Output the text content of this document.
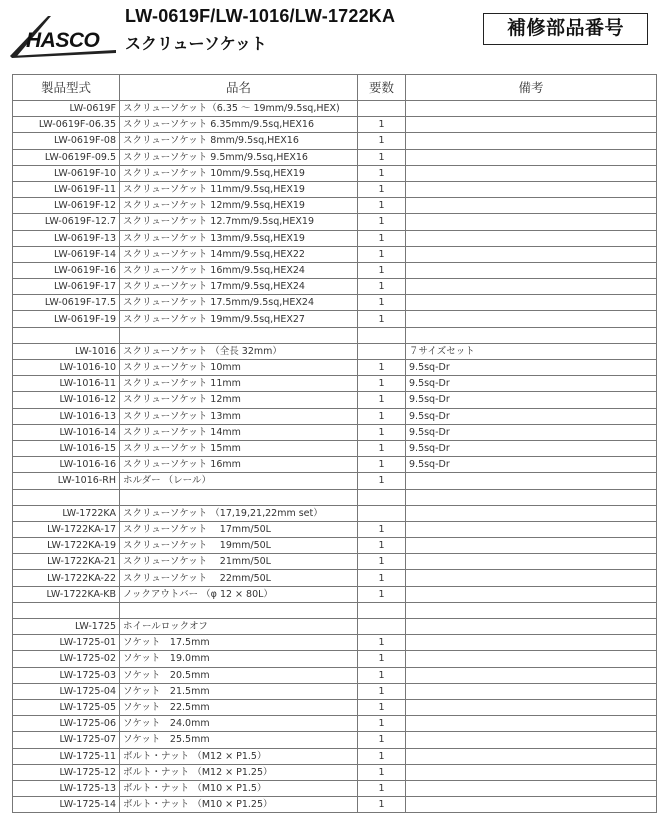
HASCO
LW-0619F/LW-1016/LW-1722KA
スクリューソケット
補修部品番号
製品型式	品名	要数	備考
LW-0619F	スクリューソケット（6.35 ～ 19mm/9.5sq,HEX)		
LW-0619F-06.35	スクリューソケット 6.35mm/9.5sq,HEX16	1	
LW-0619F-08	スクリューソケット 8mm/9.5sq,HEX16	1	
LW-0619F-09.5	スクリューソケット 9.5mm/9.5sq,HEX16	1	
LW-0619F-10	スクリューソケット 10mm/9.5sq,HEX19	1	
LW-0619F-11	スクリューソケット 11mm/9.5sq,HEX19	1	
LW-0619F-12	スクリューソケット 12mm/9.5sq,HEX19	1	
LW-0619F-12.7	スクリューソケット 12.7mm/9.5sq,HEX19	1	
LW-0619F-13	スクリューソケット 13mm/9.5sq,HEX19	1	
LW-0619F-14	スクリューソケット 14mm/9.5sq,HEX22	1	
LW-0619F-16	スクリューソケット 16mm/9.5sq,HEX24	1	
LW-0619F-17	スクリューソケット 17mm/9.5sq,HEX24	1	
LW-0619F-17.5	スクリューソケット 17.5mm/9.5sq,HEX24	1	
LW-0619F-19	スクリューソケット 19mm/9.5sq,HEX27	1	

LW-1016	スクリューソケット （全長 32mm）		７サイズセット
LW-1016-10	スクリューソケット 10mm	1	9.5sq-Dr
LW-1016-11	スクリューソケット 11mm	1	9.5sq-Dr
LW-1016-12	スクリューソケット 12mm	1	9.5sq-Dr
LW-1016-13	スクリューソケット 13mm	1	9.5sq-Dr
LW-1016-14	スクリューソケット 14mm	1	9.5sq-Dr
LW-1016-15	スクリューソケット 15mm	1	9.5sq-Dr
LW-1016-16	スクリューソケット 16mm	1	9.5sq-Dr
LW-1016-RH	ホルダー （レール）	1	

LW-1722KA	スクリューソケット （17,19,21,22mm set）		
LW-1722KA-17	スクリューソケット　 17mm/50L	1	
LW-1722KA-19	スクリューソケット　 19mm/50L	1	
LW-1722KA-21	スクリューソケット　 21mm/50L	1	
LW-1722KA-22	スクリューソケット　 22mm/50L	1	
LW-1722KA-KB	ノックアウトバー （φ 12 × 80L）	1	

LW-1725	ホイールロックオフ		
LW-1725-01	ソケット　17.5mm	1	
LW-1725-02	ソケット　19.0mm	1	
LW-1725-03	ソケット　20.5mm	1	
LW-1725-04	ソケット　21.5mm	1	
LW-1725-05	ソケット　22.5mm	1	
LW-1725-06	ソケット　24.0mm	1	
LW-1725-07	ソケット　25.5mm	1	
LW-1725-11	ボルト・ナット （M12 × P1.5）	1	
LW-1725-12	ボルト・ナット （M12 × P1.25）	1	
LW-1725-13	ボルト・ナット （M10 × P1.5）	1	
LW-1725-14	ボルト・ナット （M10 × P1.25）	1	
